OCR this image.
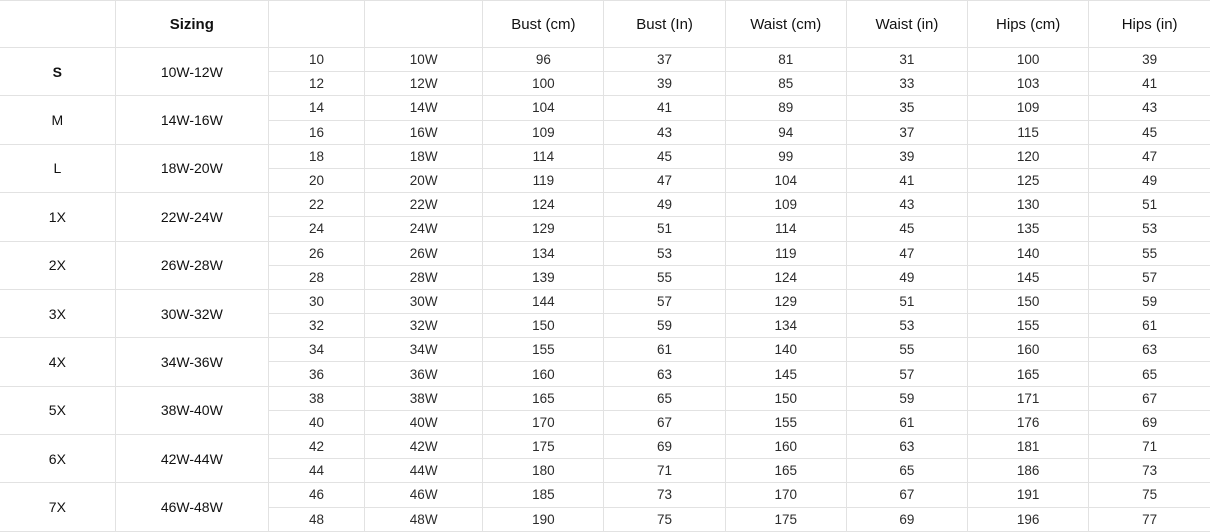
	Sizing			Bust (cm)	Bust (In)	Waist (cm)	Waist (in)	Hips (cm)	Hips (in)
S	10W-12W	10	10W	96	37	81	31	100	39
		12	12W	100	39	85	33	103	41
M	14W-16W	14	14W	104	41	89	35	109	43
		16	16W	109	43	94	37	115	45
L	18W-20W	18	18W	114	45	99	39	120	47
		20	20W	119	47	104	41	125	49
1X	22W-24W	22	22W	124	49	109	43	130	51
		24	24W	129	51	114	45	135	53
2X	26W-28W	26	26W	134	53	119	47	140	55
		28	28W	139	55	124	49	145	57
3X	30W-32W	30	30W	144	57	129	51	150	59
		32	32W	150	59	134	53	155	61
4X	34W-36W	34	34W	155	61	140	55	160	63
		36	36W	160	63	145	57	165	65
5X	38W-40W	38	38W	165	65	150	59	171	67
		40	40W	170	67	155	61	176	69
6X	42W-44W	42	42W	175	69	160	63	181	71
		44	44W	180	71	165	65	186	73
7X	46W-48W	46	46W	185	73	170	67	191	75
		48	48W	190	75	175	69	196	77
